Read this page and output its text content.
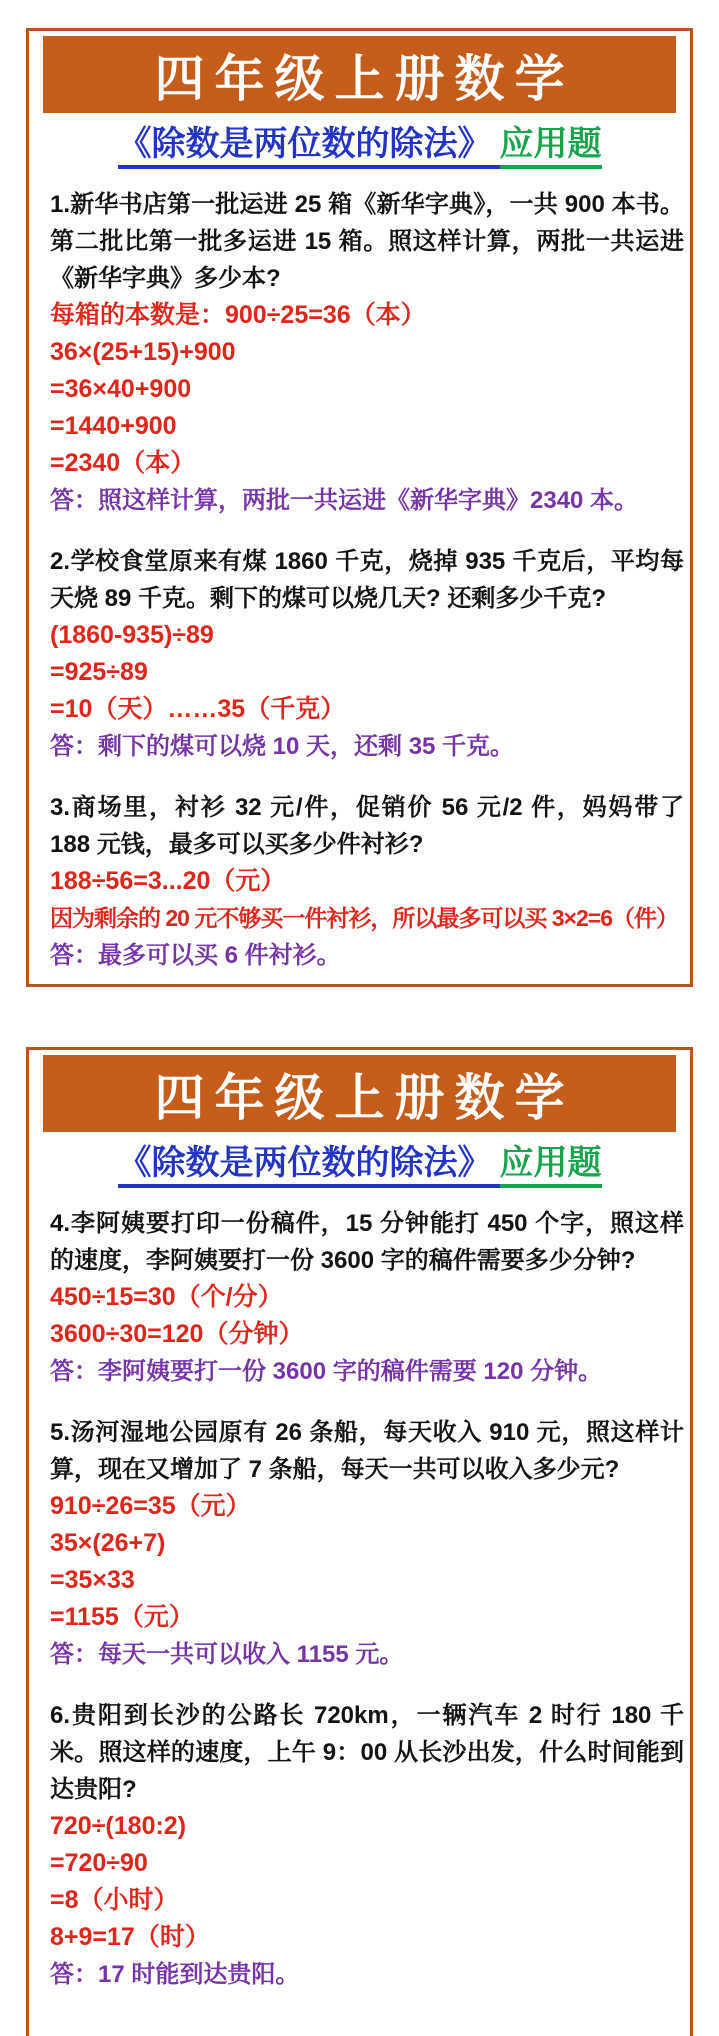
四年级上册数学
《除数是两位数的除法》 应用题

1.新华书店第一批运进 25 箱《新华字典》，一共 900 本书。第二批比第一批多运进 15 箱。照这样计算，两批一共运进《新华字典》多少本?

每箱的本数是：900÷25=36（本）

36×(25+15)+900

=36×40+900

=1440+900

=2340（本）

答：照这样计算，两批一共运进《新华字典》2340 本。

2.学校食堂原来有煤 1860 千克，烧掉 935 千克后，平均每天烧 89 千克。剩下的煤可以烧几天? 还剩多少千克?

(1860-935)÷89

=925÷89

=10（天）……35（千克）

答：剩下的煤可以烧 10 天，还剩 35 千克。

3.商场里，衬衫 32 元/件，促销价 56 元/2 件，妈妈带了 188 元钱，最多可以买多少件衬衫?

188÷56=3...20（元）

因为剩余的 20 元不够买一件衬衫，所以最多可以买 3×2=6（件）

答：最多可以买 6 件衬衫。

四年级上册数学
《除数是两位数的除法》 应用题

4.李阿姨要打印一份稿件，15 分钟能打 450 个字，照这样的速度，李阿姨要打一份 3600 字的稿件需要多少分钟?

450÷15=30（个/分）

3600÷30=120（分钟）

答：李阿姨要打一份 3600 字的稿件需要 120 分钟。

5.汤河湿地公园原有 26 条船，每天收入 910 元，照这样计算，现在又增加了 7 条船，每天一共可以收入多少元?

910÷26=35（元）

35×(26+7)

=35×33

=1155（元）

答：每天一共可以收入 1155 元。

6.贵阳到长沙的公路长 720km，一辆汽车 2 时行 180 千米。照这样的速度，上午 9：00 从长沙出发，什么时间能到达贵阳?

720÷(180:2)

=720÷90

=8（小时）

8+9=17（时）

答：17 时能到达贵阳。
